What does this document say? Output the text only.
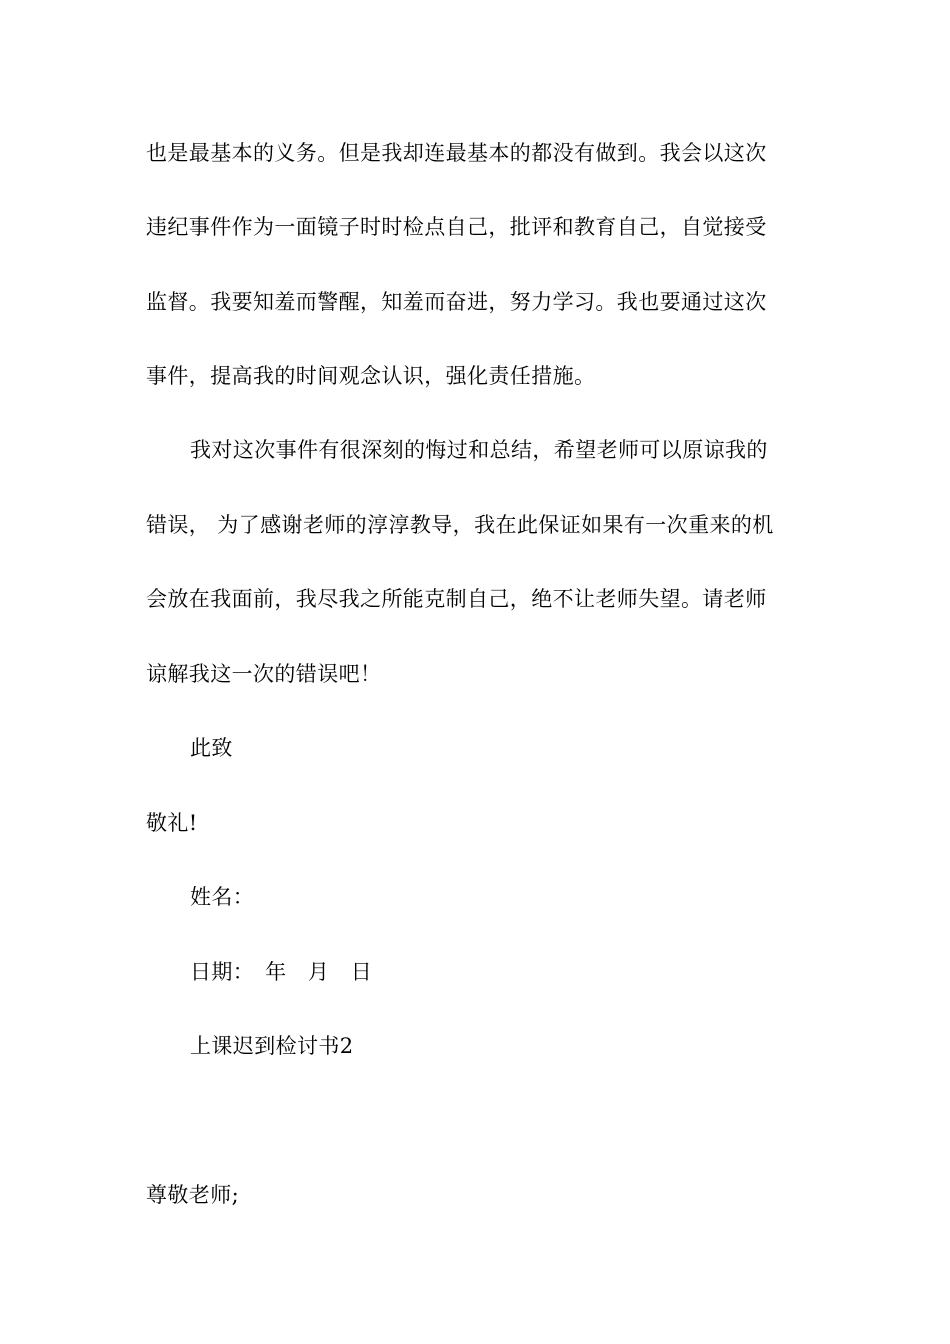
也是最基本的义务。但是我却连最基本的都没有做到。我会以这次
违纪事件作为一面镜子时时检点自己，批评和教育自己，自觉接受
监督。我要知羞而警醒，知羞而奋进，努力学习。我也要通过这次
事件，提高我的时间观念认识，强化责任措施。
我对这次事件有很深刻的悔过和总结，希望老师可以原谅我的
错误， 为了感谢老师的淳淳教导，我在此保证如果有一次重来的机
会放在我面前，我尽我之所能克制自己，绝不让老师失望。请老师
谅解我这一次的错误吧！
此致
敬礼!
姓名：
日期：　年　月　日
上课迟到检讨书2
尊敬老师;
